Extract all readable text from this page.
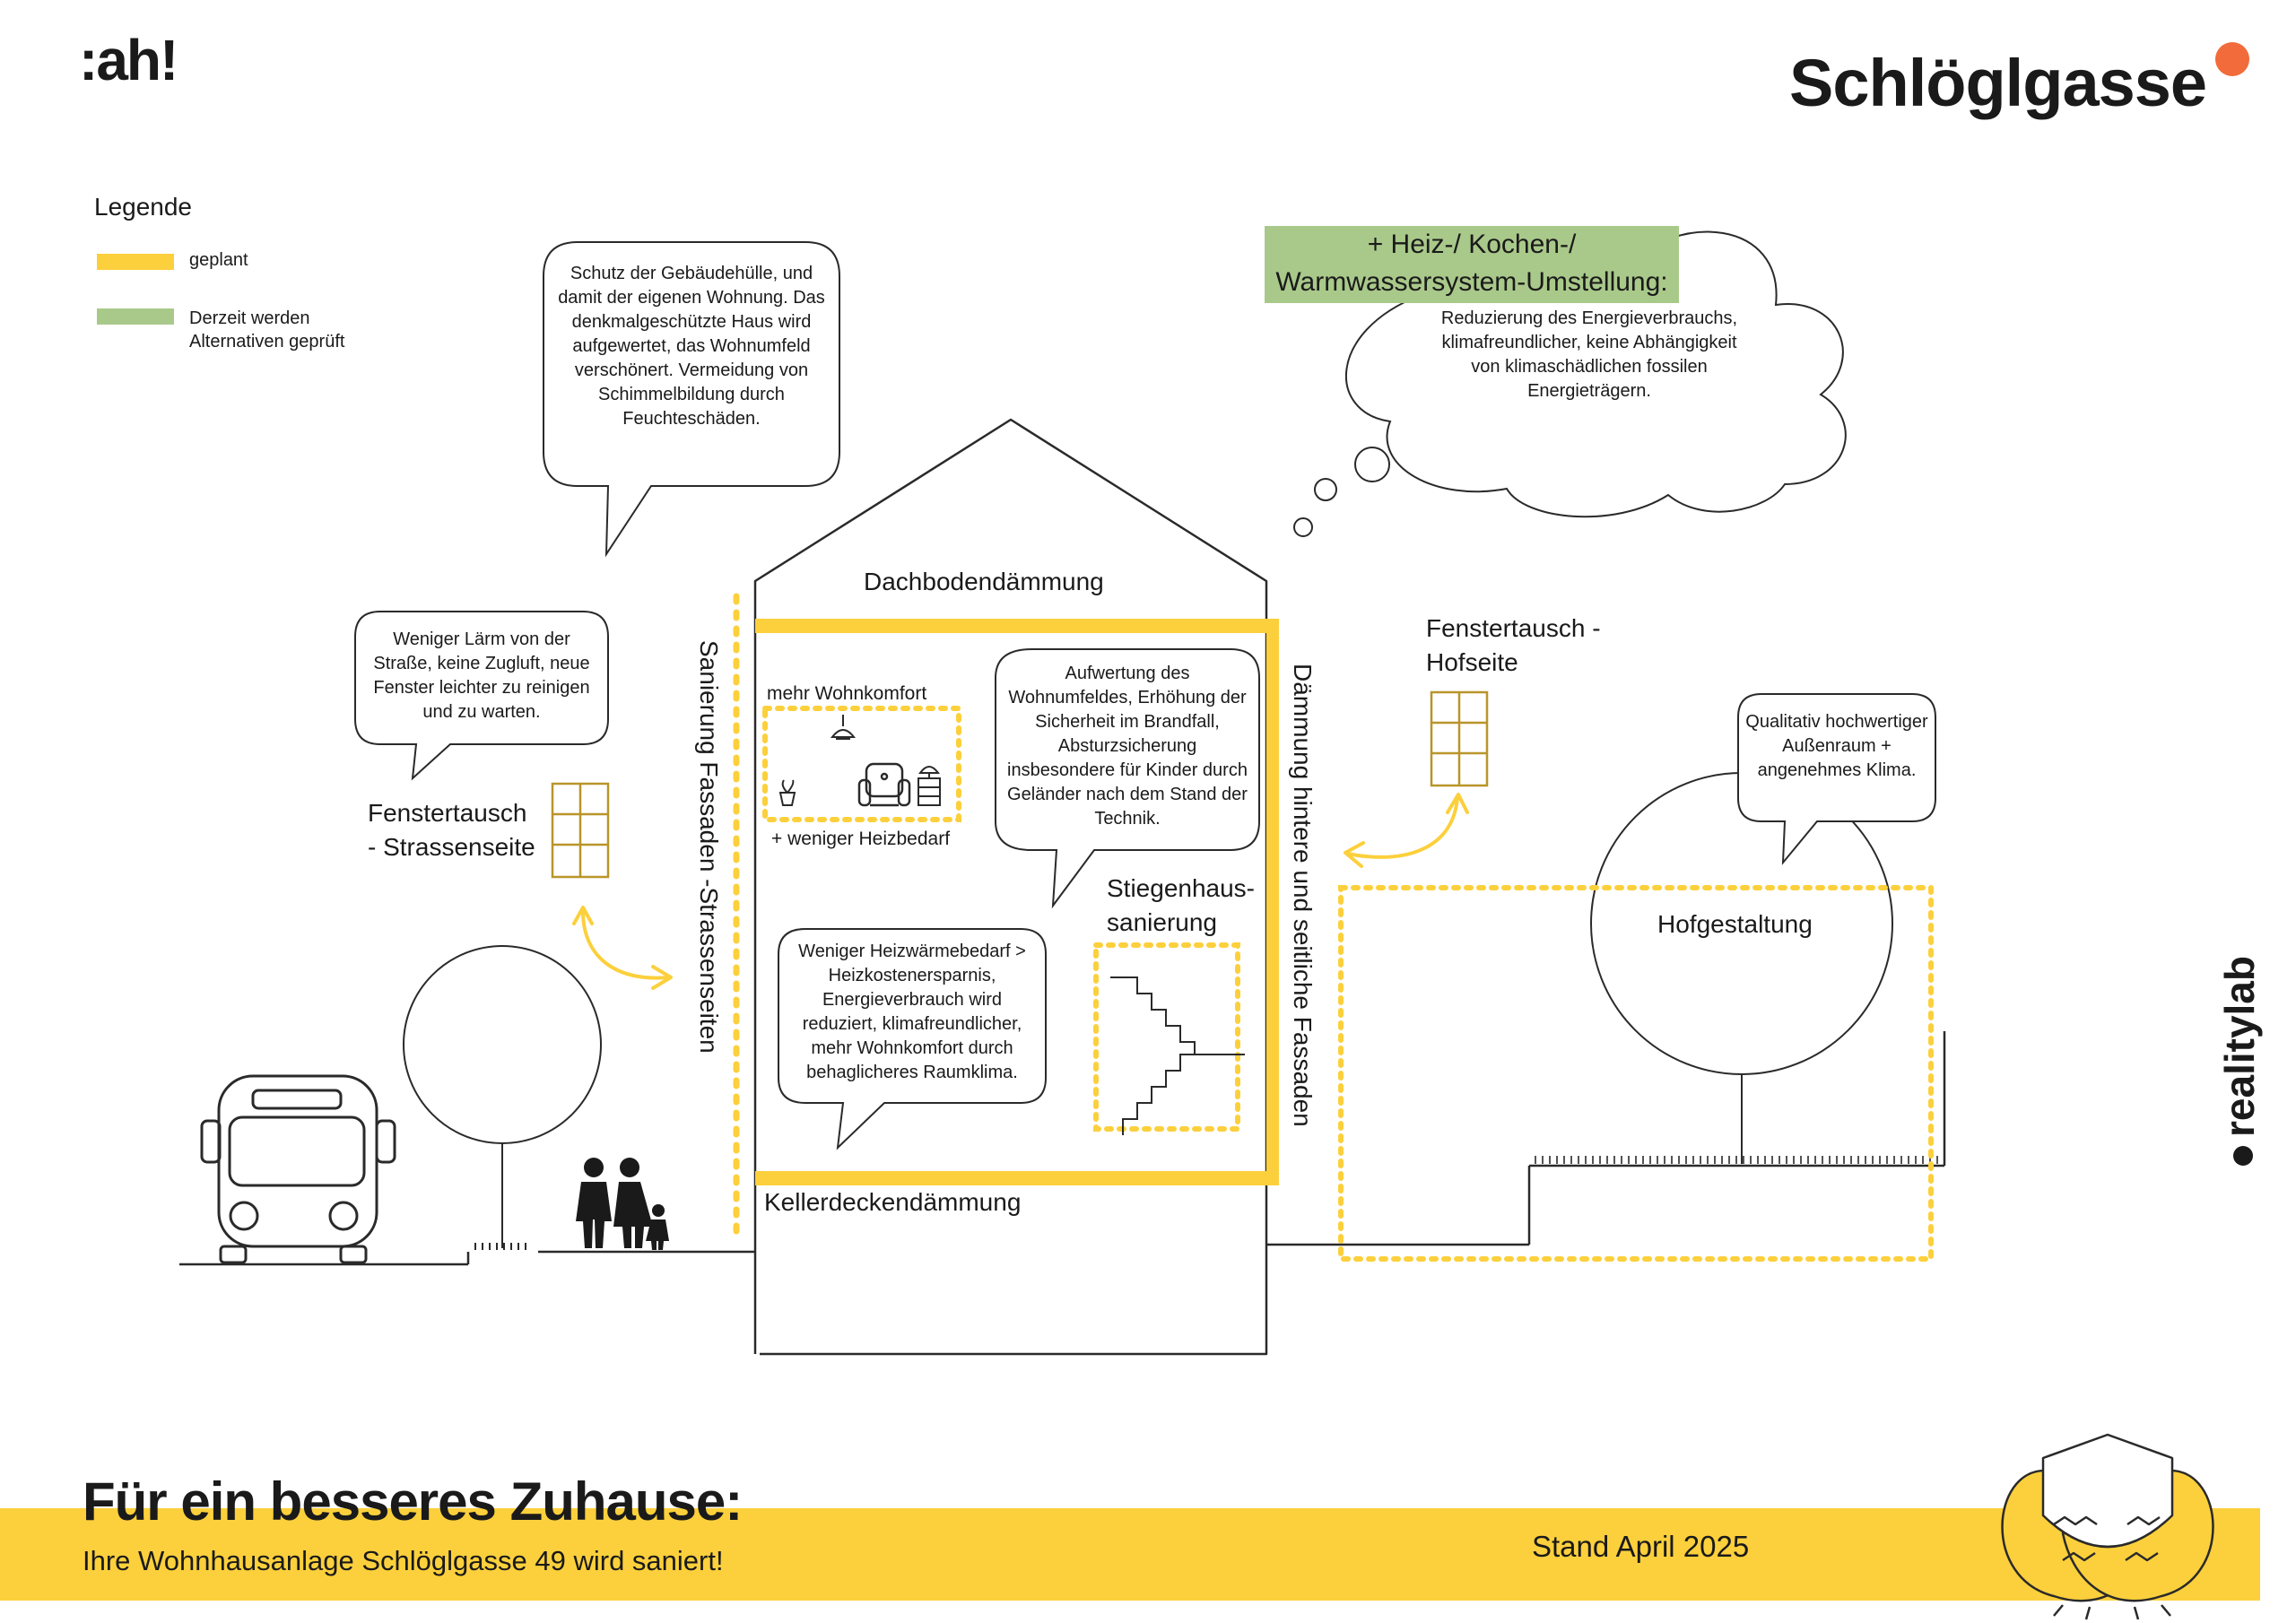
:ah!	Schlöglgasse
Legende
geplant
Derzeit werden
Alternativen geprüft
Schutz der Gebäudehülle, und damit der eigenen Wohnung. Das denkmalgeschützte Haus wird aufgewertet, das Wohnumfeld verschönert. Vermeidung von Schimmelbildung durch Feuchteschäden.
Weniger Lärm von der Straße, keine Zugluft, neue Fenster leichter zu reinigen und zu warten.
Aufwertung des Wohnumfeldes, Erhöhung der Sicherheit im Brandfall, Absturzsicherung insbesondere für Kinder durch Geländer nach dem Stand der Technik.
Weniger Heizwärmebedarf > Heizkostenersparnis, Energieverbrauch wird reduziert, klimafreundlicher, mehr Wohnkomfort durch behaglicheres Raumklima.
Qualitativ hochwertiger Außenraum + angenehmes Klima.
+ Heiz-/ Kochen-/ Warmwassersystem-Umstellung:
Reduzierung des Energieverbrauchs, klimafreundlicher, keine Abhängigkeit von klimaschädlichen fossilen Energieträgern.
Dachbodendämmung
mehr Wohnkomfort
+ weniger Heizbedarf
Stiegenhaus-
sanierung
Kellerdeckendämmung
Fenstertausch
- Strassenseite
Fenstertausch -
Hofseite
Hofgestaltung
Sanierung Fassaden -Strassenseiten	Dämmung hintere und seitliche Fassaden
Für ein besseres Zuhause:
Ihre Wohnhausanlage Schlöglgasse 49 wird saniert!	Stand April 2025
realitylab
